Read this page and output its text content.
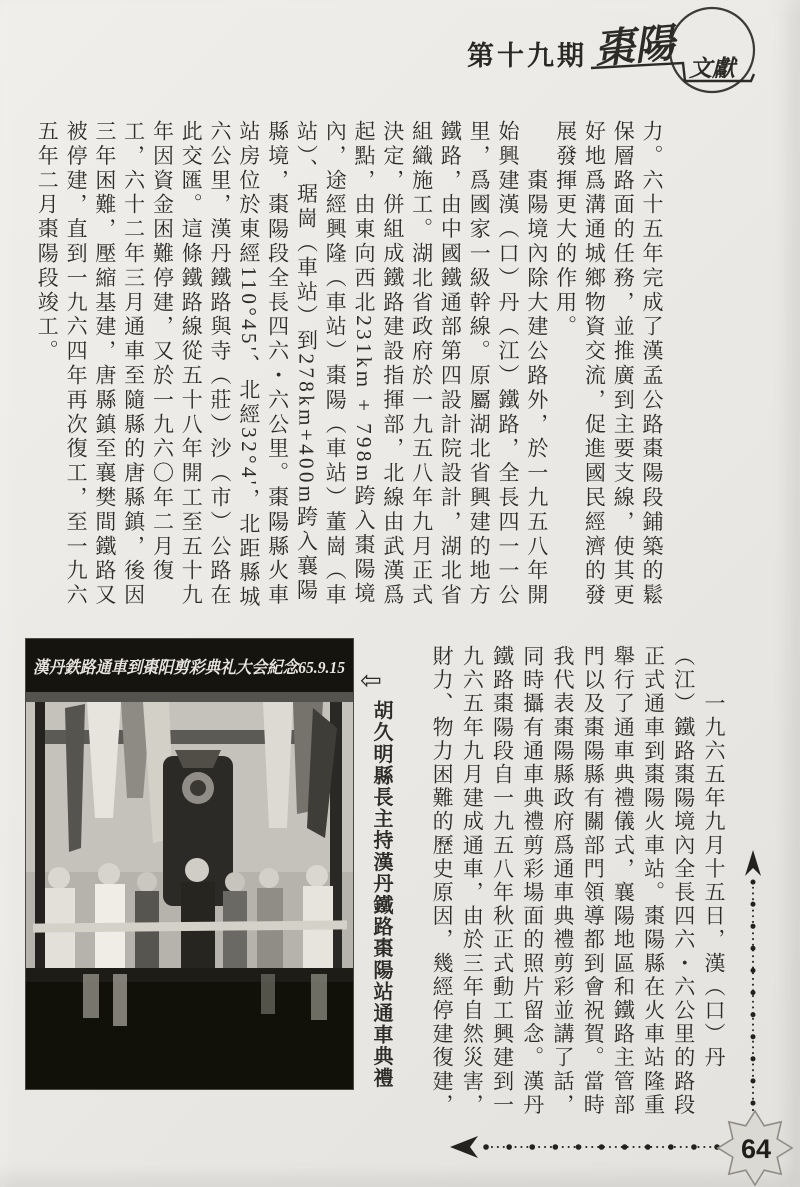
第十九期 棗陽 文獻
力。六十五年完成了漢孟公路棗陽段鋪築的鬆
保層路面的任務，並推廣到主要支線，使其更
好地爲溝通城鄉物資交流，促進國民經濟的發
展發揮更大的作用。
　　棗陽境內除大建公路外，於一九五八年開
始興建漢（口）丹（江）鐵路，全長四一一公
里，爲國家一級幹線。原屬湖北省興建的地方
鐵路，由中國鐵通部第四設計院設計，湖北省
組織施工。湖北省政府於一九五八年九月正式
決定，併組成鐵路建設指揮部，北線由武漢爲
起點，由東向西北231km + 798m跨入棗陽境
內，途經興隆（車站）棗陽（車站）董崗（車
站）、琚崗（車站）到278km+400m跨入襄陽
縣境，棗陽段全長四六・六公里。棗陽縣火車
站房位於東經110°45'、北經32°4'，北距縣城
六公里，漢丹鐵路與寺（莊）沙（市）公路在
此交匯。這條鐵路線從五十八年開工至五十九
年因資金困難停建，又於一九六〇年二月復
工，六十二年三月通車至隨縣的唐縣鎮，後因
三年困難，壓縮基建，唐縣鎮至襄樊間鐵路又
被停建，直到一九六四年再次復工，至一九六
五年二月棗陽段竣工。
漢丹鉄路通車到棗阳剪彩典礼大会紀念65.9.15 ⇦
胡久明縣長主持漢丹鐵路棗陽站通車典禮	　　一九六五年九月十五日，漢（口）丹
（江）鐵路棗陽境內全長四六・六公里的路段
正式通車到棗陽火車站。棗陽縣在火車站隆重
舉行了通車典禮儀式，襄陽地區和鐵路主管部
門以及棗陽縣有關部門領導都到會祝賀。當時
我代表棗陽縣政府爲通車典禮剪彩並講了話，
同時攝有通車典禮剪彩場面的照片留念。漢丹
鐵路棗陽段自一九五八年秋正式動工興建到一
九六五年九月建成通車，由於三年自然災害，
財力、物力困難的歷史原因，幾經停建復建，
64
